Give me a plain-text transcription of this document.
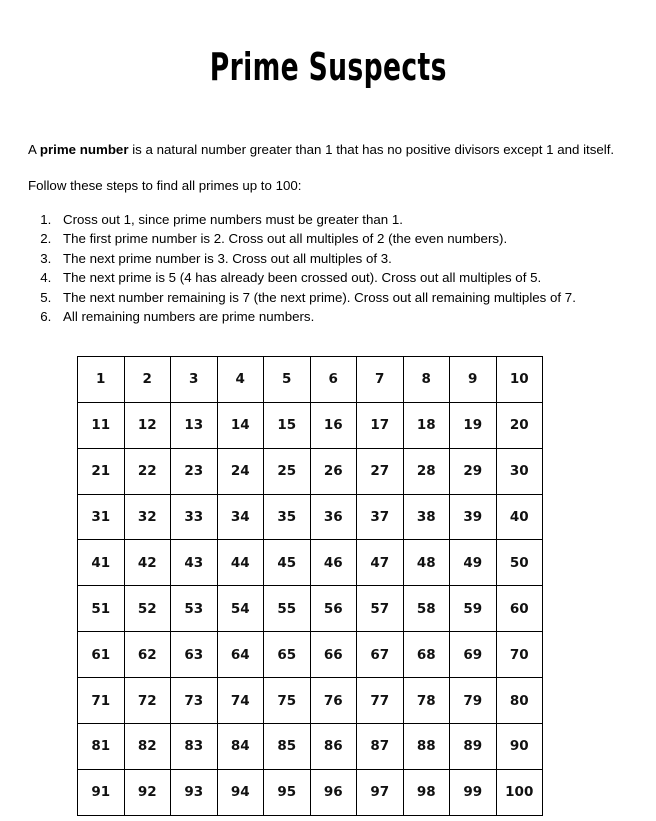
Prime Suspects

A prime number is a natural number greater than 1 that has no positive divisors except 1 and itself.

Follow these steps to find all primes up to 100:

1. Cross out 1, since prime numbers must be greater than 1.
2. The first prime number is 2. Cross out all multiples of 2 (the even numbers).
3. The next prime number is 3. Cross out all multiples of 3.
4. The next prime is 5 (4 has already been crossed out). Cross out all multiples of 5.
5. The next number remaining is 7 (the next prime). Cross out all remaining multiples of 7.
6. All remaining numbers are prime numbers.
1	2	3	4	5	6	7	8	9	10
11	12	13	14	15	16	17	18	19	20
21	22	23	24	25	26	27	28	29	30
31	32	33	34	35	36	37	38	39	40
41	42	43	44	45	46	47	48	49	50
51	52	53	54	55	56	57	58	59	60
61	62	63	64	65	66	67	68	69	70
71	72	73	74	75	76	77	78	79	80
81	82	83	84	85	86	87	88	89	90
91	92	93	94	95	96	97	98	99	100
